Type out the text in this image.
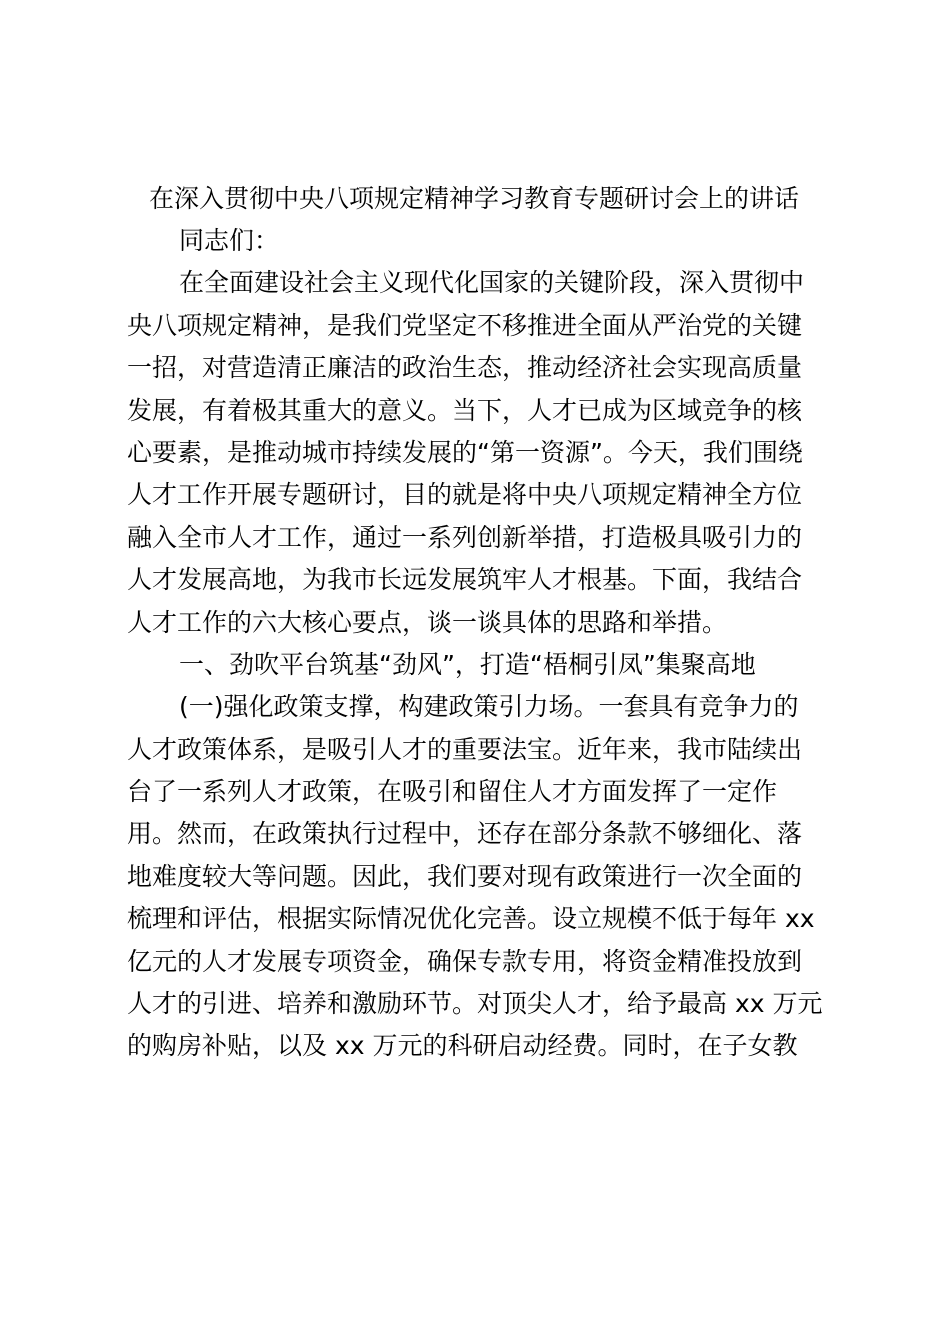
在深入贯彻中央八项规定精神学习教育专题研讨会上的讲话
同志们：
在全面建设社会主义现代化国家的关键阶段，深入贯彻中
央八项规定精神，是我们党坚定不移推进全面从严治党的关键
一招，对营造清正廉洁的政治生态，推动经济社会实现高质量
发展，有着极其重大的意义。当下，人才已成为区域竞争的核
心要素，是推动城市持续发展的“第一资源”。今天，我们围绕
人才工作开展专题研讨，目的就是将中央八项规定精神全方位
融入全市人才工作，通过一系列创新举措，打造极具吸引力的
人才发展高地，为我市长远发展筑牢人才根基。下面，我结合
人才工作的六大核心要点，谈一谈具体的思路和举措。
一、劲吹平台筑基“劲风”，打造“梧桐引凤”集聚高地
(一)强化政策支撑，构建政策引力场。一套具有竞争力的
人才政策体系，是吸引人才的重要法宝。近年来，我市陆续出
台了一系列人才政策，在吸引和留住人才方面发挥了一定作
用。然而，在政策执行过程中，还存在部分条款不够细化、落
地难度较大等问题。因此，我们要对现有政策进行一次全面的
梳理和评估，根据实际情况优化完善。设立规模不低于每年 xx
亿元的人才发展专项资金，确保专款专用，将资金精准投放到
人才的引进、培养和激励环节。对顶尖人才，给予最高 xx 万元
的购房补贴，以及 xx 万元的科研启动经费。同时，在子女教
